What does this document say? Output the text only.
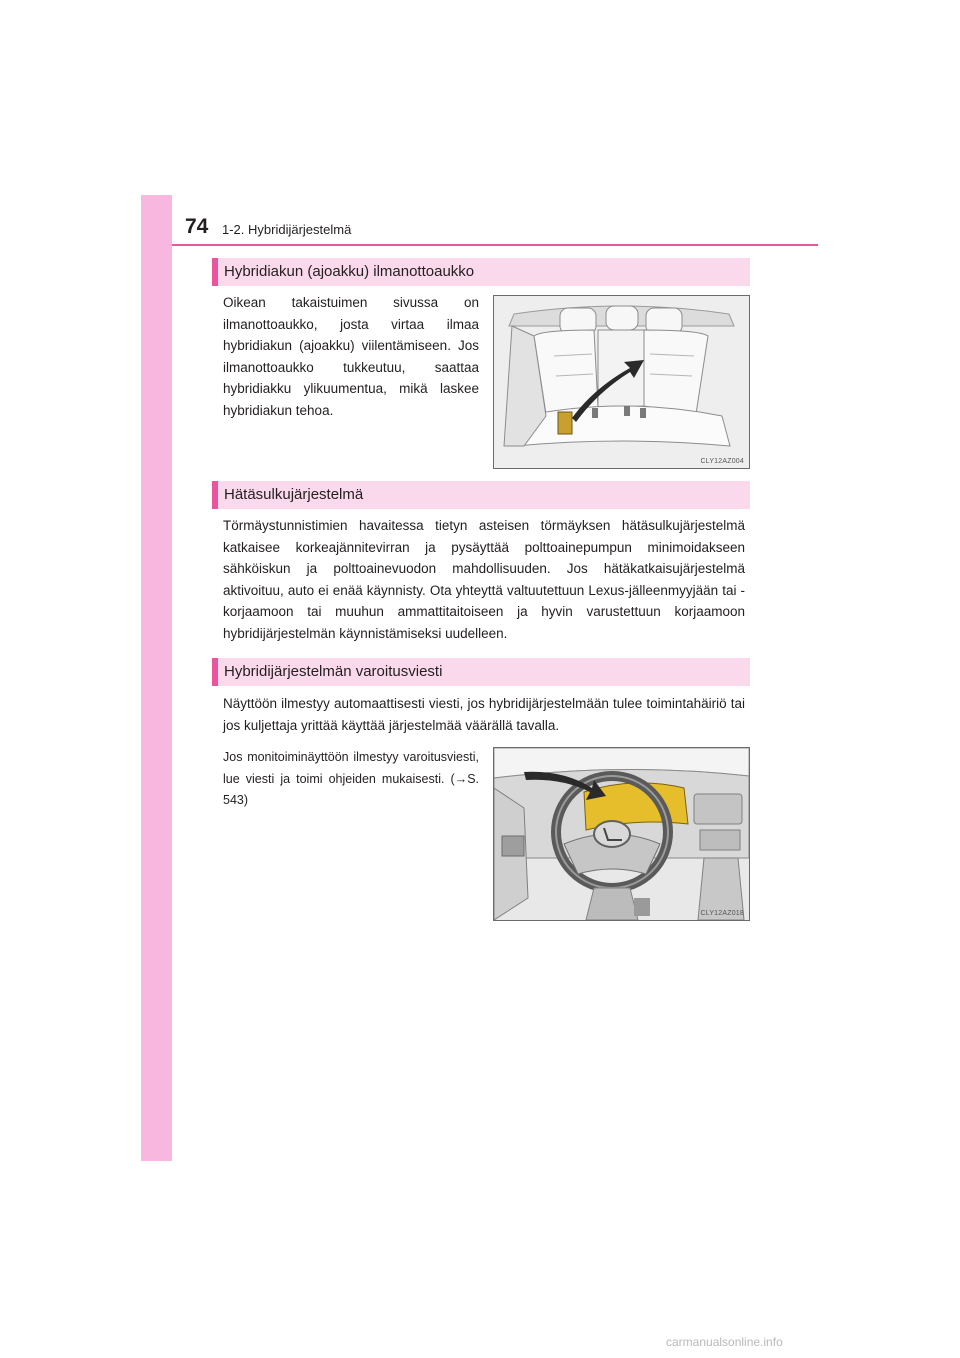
74 1-2. Hybridijärjestelmä
Hybridiakun (ajoakku) ilmanottoaukko
Oikean takaistuimen sivussa on ilmanottoaukko, josta virtaa ilmaa hybridiakun (ajoakku) viilentämiseen. Jos ilmanottoaukko tukkeutuu, saattaa hybridiakku ylikuumentua, mikä laskee hybridiakun tehoa.
CLY12AZ004
Hätäsulkujärjestelmä
Törmäystunnistimien havaitessa tietyn asteisen törmäyksen hätäsulkujärjestelmä katkaisee korkeajännitevirran ja pysäyttää polttoainepumpun minimoidakseen sähköiskun ja polttoainevuodon mahdollisuuden. Jos hätäkatkaisujärjestelmä aktivoituu, auto ei enää käynnisty. Ota yhteyttä valtuutettuun Lexus-jälleenmyyjään tai -korjaamoon tai muuhun ammattitaitoiseen ja hyvin varustettuun korjaamoon hybridijärjestelmän käynnistämiseksi uudelleen.
Hybridijärjestelmän varoitusviesti
Näyttöön ilmestyy automaattisesti viesti, jos hybridijärjestelmään tulee toimintahäiriö tai jos kuljettaja yrittää käyttää järjestelmää väärällä tavalla.
Jos monitoiminäyttöön ilmestyy varoitusviesti, lue viesti ja toimi ohjeiden mukaisesti. (→S. 543)
CLY12AZ018
carmanualsonline.info
